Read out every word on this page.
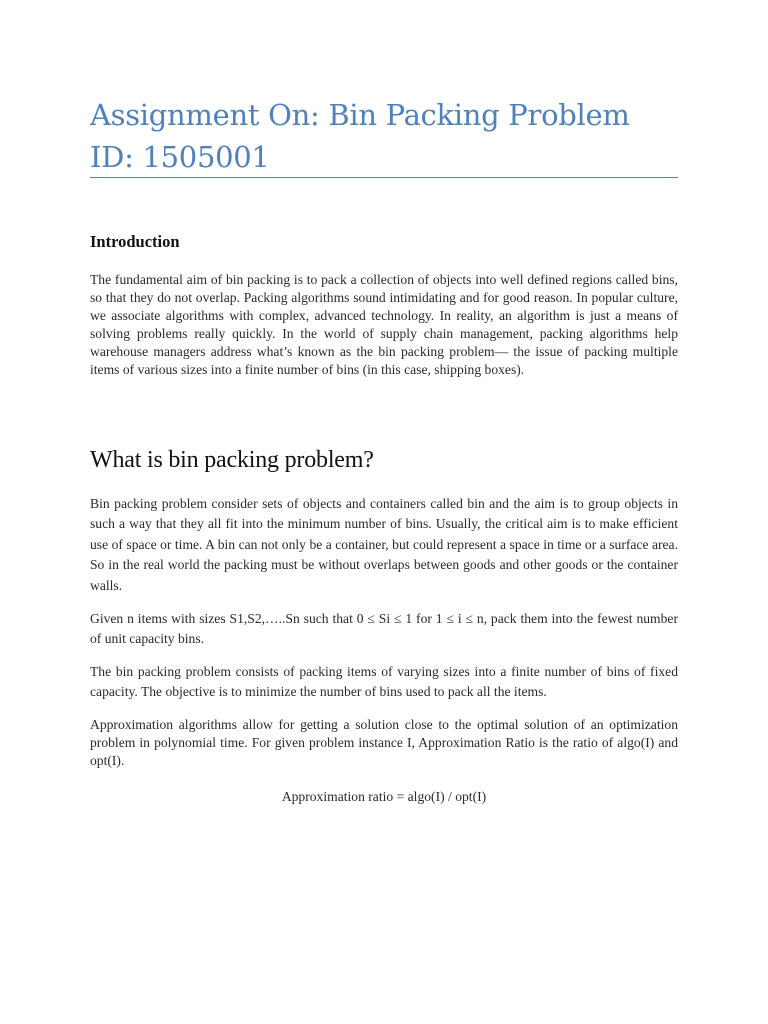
Assignment On: Bin Packing Problem
ID: 1505001
Introduction
The fundamental aim of bin packing is to pack a collection of objects into well defined regions called bins, so that they do not overlap. Packing algorithms sound intimidating and for good reason. In popular culture, we associate algorithms with complex, advanced technology. In reality, an algorithm is just a means of solving problems really quickly. In the world of supply chain management, packing algorithms help warehouse managers address what’s known as the bin packing problem— the issue of packing multiple items of various sizes into a finite number of bins (in this case, shipping boxes).
What is bin packing problem?
Bin packing problem consider sets of objects and containers called bin and the aim is to group objects in such a way that they all fit into the minimum number of bins. Usually, the critical aim is to make efficient use of space or time. A bin can not only be a container, but could represent a space in time or a surface area. So in the real world the packing must be without overlaps between goods and other goods or the container walls.
Given n items with sizes S1,S2,…..Sn such that 0 ≤ Si ≤ 1 for 1 ≤ i ≤ n, pack them into the fewest number of unit capacity bins.
The bin packing problem consists of packing items of varying sizes into a finite number of bins of fixed capacity. The objective is to minimize the number of bins used to pack all the items.
Approximation algorithms allow for getting a solution close to the optimal solution of an optimization problem in polynomial time. For given problem instance I, Approximation Ratio is the ratio of algo(I) and opt(I).
Approximation ratio = algo(I) / opt(I)
